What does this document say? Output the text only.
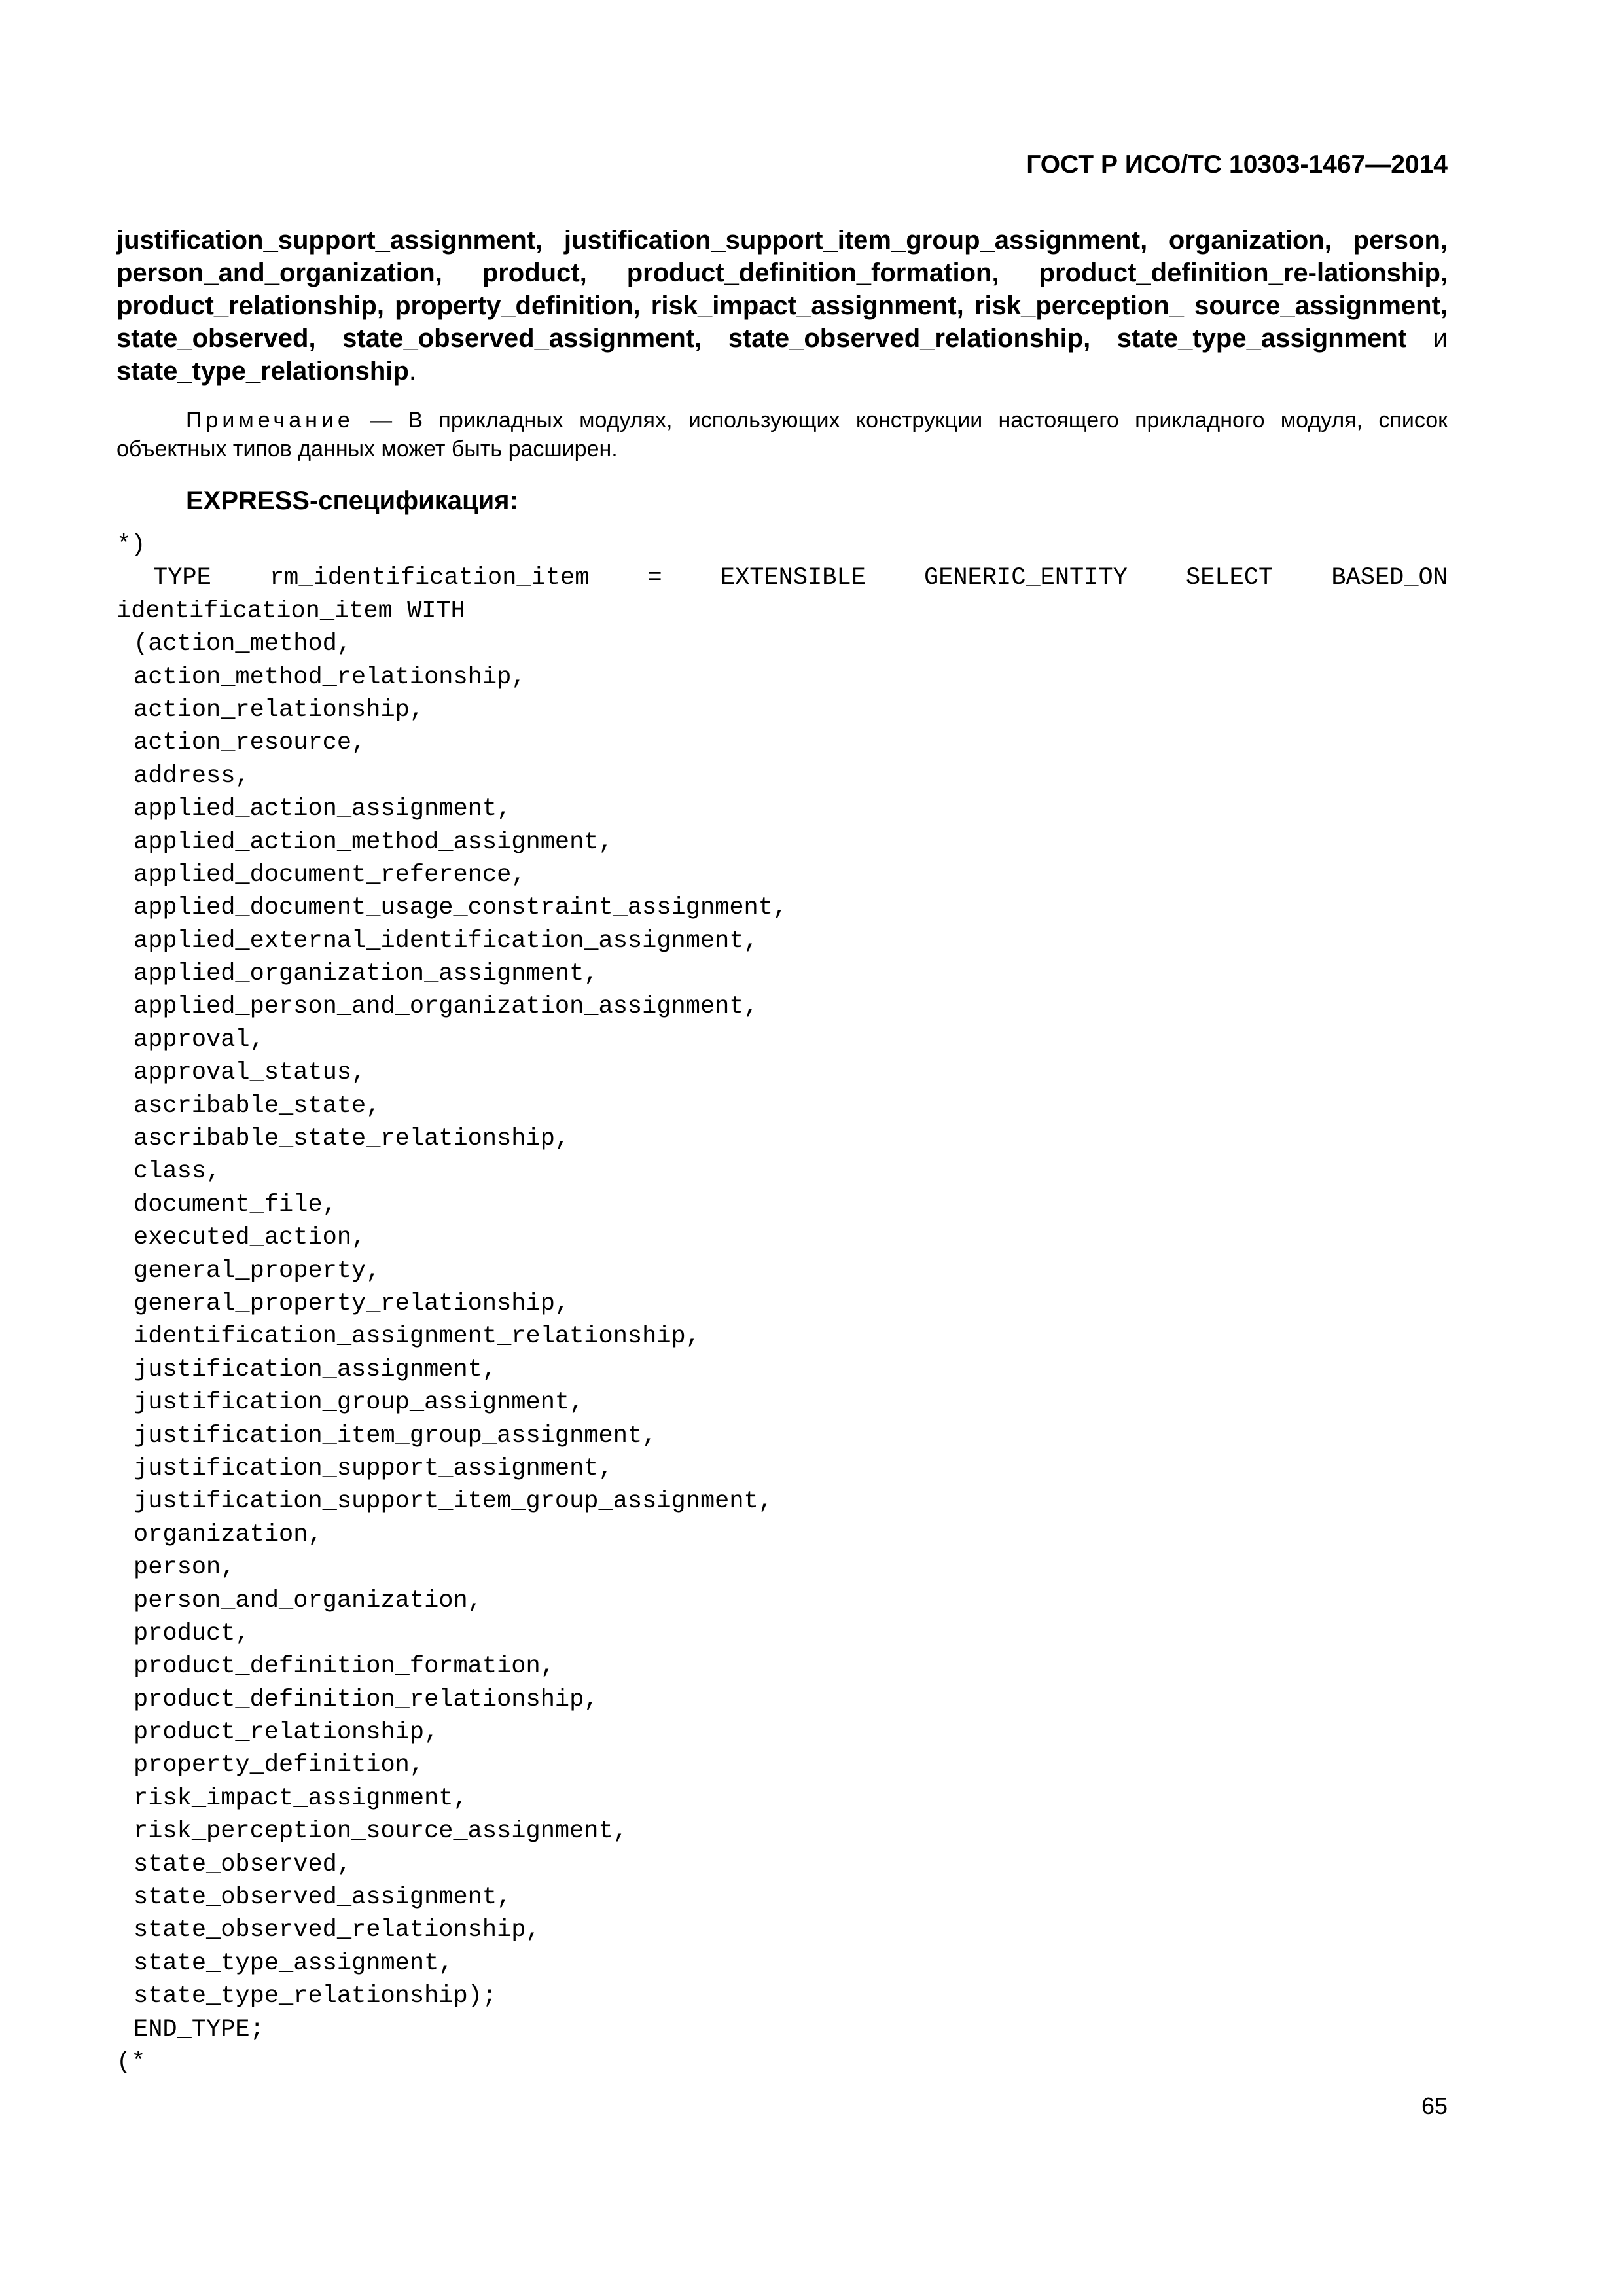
ГОСТ Р ИСО/ТС 10303-1467—2014

justification_support_assignment, justification_support_item_group_assignment, organization, person, person_and_organization, product, product_definition_formation, product_definition_re-lationship, product_relationship, property_definition, risk_impact_assignment, risk_perception_ source_assignment, state_observed, state_observed_assignment, state_observed_relationship, state_type_assignment и state_type_relationship.

Примечание — В прикладных модулях, использующих конструкции настоящего прикладного модуля, список объектных типов данных может быть расширен.

EXPRESS-спецификация:

*)
TYPE rm_identification_item = EXTENSIBLE GENERIC_ENTITY SELECT BASED_ON
identification_item WITH
(action_method,
action_method_relationship,
action_relationship,
action_resource,
address,
applied_action_assignment,
applied_action_method_assignment,
applied_document_reference,
applied_document_usage_constraint_assignment,
applied_external_identification_assignment,
applied_organization_assignment,
applied_person_and_organization_assignment,
approval,
approval_status,
ascribable_state,
ascribable_state_relationship,
class,
document_file,
executed_action,
general_property,
general_property_relationship,
identification_assignment_relationship,
justification_assignment,
justification_group_assignment,
justification_item_group_assignment,
justification_support_assignment,
justification_support_item_group_assignment,
organization,
person,
person_and_organization,
product,
product_definition_formation,
product_definition_relationship,
product_relationship,
property_definition,
risk_impact_assignment,
risk_perception_source_assignment,
state_observed,
state_observed_assignment,
state_observed_relationship,
state_type_assignment,
state_type_relationship);
END_TYPE;
(*
65
